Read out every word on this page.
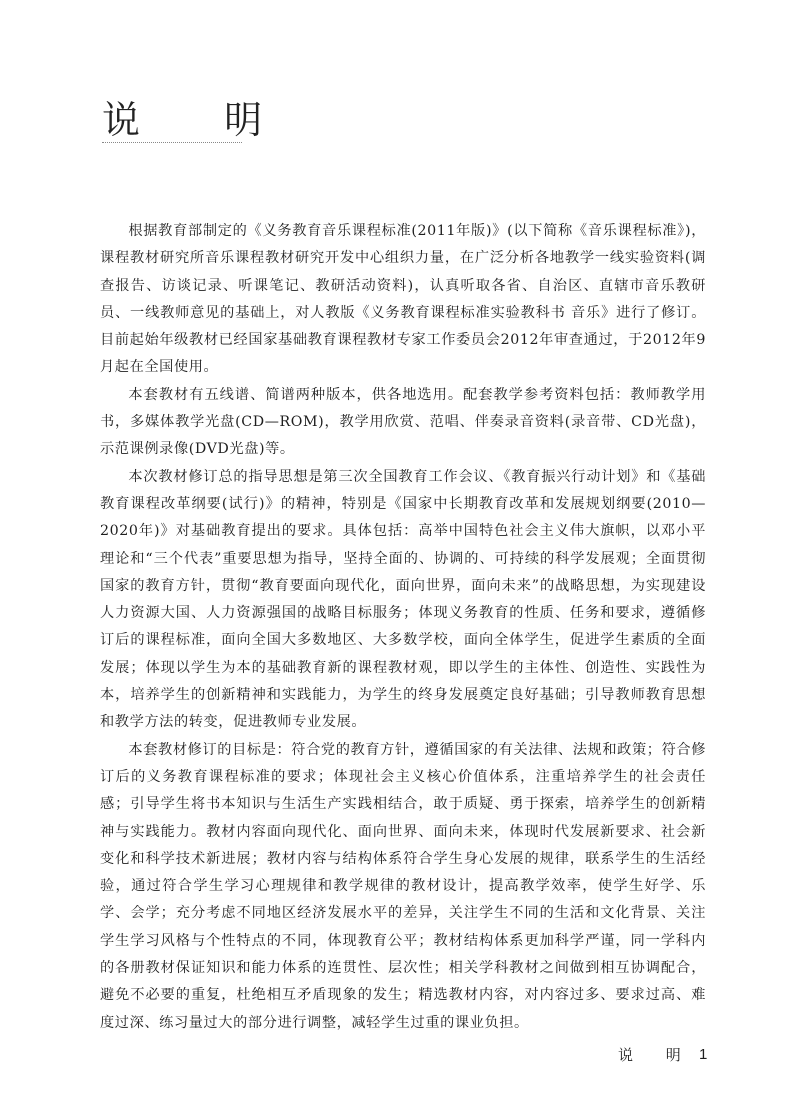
说 明

根据教育部制定的《义务教育音乐课程标准(2011年版)》(以下简称《音乐课程标准》)，课程教材研究所音乐课程教材研究开发中心组织力量，在广泛分析各地教学一线实验资料(调查报告、访谈记录、听课笔记、教研活动资料)，认真听取各省、自治区、直辖市音乐教研员、一线教师意见的基础上，对人教版《义务教育课程标准实验教科书 音乐》进行了修订。目前起始年级教材已经国家基础教育课程教材专家工作委员会2012年审查通过，于2012年9月起在全国使用。

本套教材有五线谱、简谱两种版本，供各地选用。配套教学参考资料包括：教师教学用书，多媒体教学光盘(CD—ROM)，教学用欣赏、范唱、伴奏录音资料(录音带、CD光盘)，示范课例录像(DVD光盘)等。

本次教材修订总的指导思想是第三次全国教育工作会议、《教育振兴行动计划》和《基础教育课程改革纲要(试行)》的精神，特别是《国家中长期教育改革和发展规划纲要(2010—2020年)》对基础教育提出的要求。具体包括：高举中国特色社会主义伟大旗帜，以邓小平理论和“三个代表”重要思想为指导，坚持全面的、协调的、可持续的科学发展观；全面贯彻国家的教育方针，贯彻“教育要面向现代化，面向世界，面向未来”的战略思想，为实现建设人力资源大国、人力资源强国的战略目标服务；体现义务教育的性质、任务和要求，遵循修订后的课程标准，面向全国大多数地区、大多数学校，面向全体学生，促进学生素质的全面发展；体现以学生为本的基础教育新的课程教材观，即以学生的主体性、创造性、实践性为本，培养学生的创新精神和实践能力，为学生的终身发展奠定良好基础；引导教师教育思想和教学方法的转变，促进教师专业发展。

本套教材修订的目标是：符合党的教育方针，遵循国家的有关法律、法规和政策；符合修订后的义务教育课程标准的要求；体现社会主义核心价值体系，注重培养学生的社会责任感；引导学生将书本知识与生活生产实践相结合，敢于质疑、勇于探索，培养学生的创新精神与实践能力。教材内容面向现代化、面向世界、面向未来，体现时代发展新要求、社会新变化和科学技术新进展；教材内容与结构体系符合学生身心发展的规律，联系学生的生活经验，通过符合学生学习心理规律和教学规律的教材设计，提高教学效率，使学生好学、乐学、会学；充分考虑不同地区经济发展水平的差异，关注学生不同的生活和文化背景、关注学生学习风格与个性特点的不同，体现教育公平；教材结构体系更加科学严谨，同一学科内的各册教材保证知识和能力体系的连贯性、层次性；相关学科教材之间做到相互协调配合，避免不必要的重复，杜绝相互矛盾现象的发生；精选教材内容，对内容过多、要求过高、难度过深、练习量过大的部分进行调整，减轻学生过重的课业负担。

说 明 1
